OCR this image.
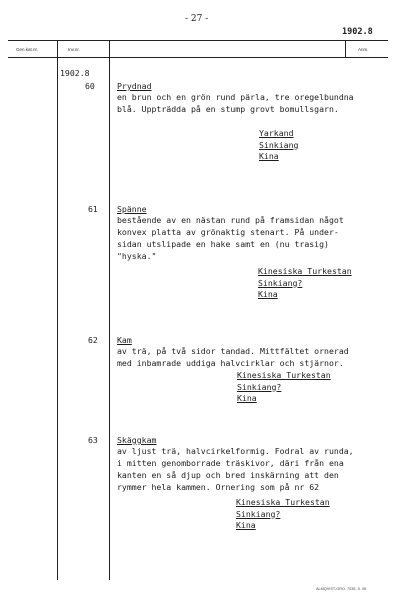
- 27 -
1902.8
Gen.kat.nr.	Inv.nr.	Anm.
1902.8
60	Prydnad
en brun och en grön rund pärla, tre oregelbundna
blå. Uppträdda på en stump grovt bomullsgarn.
Yarkand
Sinkiang
Kina
61 Spänne
bestående av en nästan rund på framsidan något
konvex platta av grönaktig stenart. På under-
sidan utslipade en hake samt en (nu trasig)
"hyska."
Kinesiska Turkestan
Sinkiang?
Kina
62 Kam
av trä, på två sidor tandad. Mittfältet ornerad
med inbamrade uddiga halvcirklar och stjärnor.
Kinesiska Turkestan
Sinkiang?
Kina
63 Skäggkam
av ljust trä, halvcirkelformig. Fodral av runda,
i mitten genomborrade träskivor, däri från ena
kanten en så djup och bred inskärning att den
rymmer hela kammen. Ornering som på nr 62
Kinesiska Turkestan
Sinkiang?
Kina
ALMQVIST-GRO. 7035. 5. 49.
